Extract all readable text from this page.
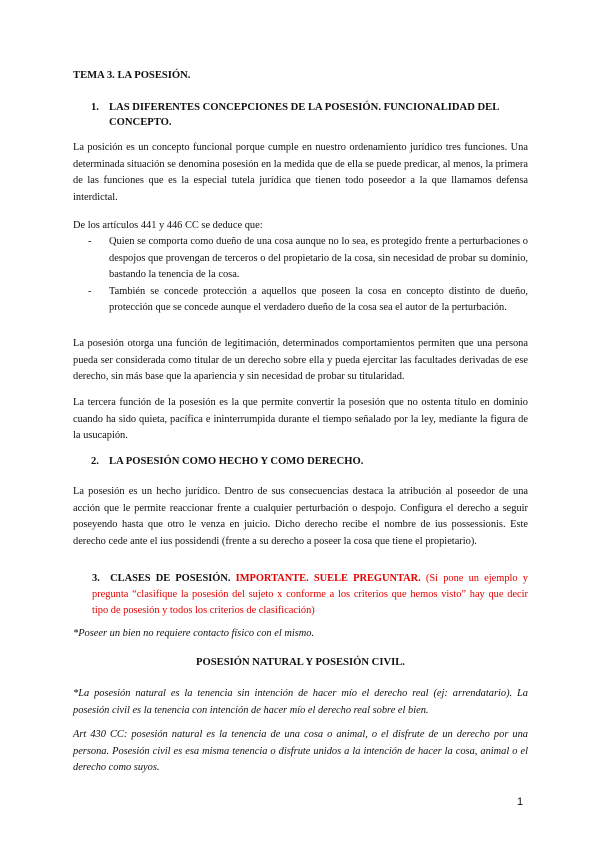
TEMA 3. LA POSESIÓN.
1. LAS DIFERENTES CONCEPCIONES DE LA POSESIÓN. FUNCIONALIDAD DEL CONCEPTO.

La posición es un concepto funcional porque cumple en nuestro ordenamiento jurídico tres funciones. Una determinada situación se denomina posesión en la medida que de ella se puede predicar, al menos, la primera de las funciones que es la especial tutela jurídica que tienen todo poseedor a la que llamamos defensa interdictal.

De los artículos 441 y 446 CC se deduce que:

- Quien se comporta como dueño de una cosa aunque no lo sea, es protegido frente a perturbaciones o despojos que provengan de terceros o del propietario de la cosa, sin necesidad de probar su dominio, bastando la tenencia de la cosa.
- También se concede protección a aquellos que poseen la cosa en concepto distinto de dueño, protección que se concede aunque el verdadero dueño de la cosa sea el autor de la perturbación.

La posesión otorga una función de legitimación, determinados comportamientos permiten que una persona pueda ser considerada como titular de un derecho sobre ella y pueda ejercitar las facultades derivadas de ese derecho, sin más base que la apariencia y sin necesidad de probar su titularidad.

La tercera función de la posesión es la que permite convertir la posesión que no ostenta título en dominio cuando ha sido quieta, pacífica e ininterrumpida durante el tiempo señalado por la ley, mediante la figura de la usucapión.

2. LA POSESIÓN COMO HECHO Y COMO DERECHO.

La posesión es un hecho jurídico. Dentro de sus consecuencias destaca la atribución al poseedor de una acción que le permite reaccionar frente a cualquier perturbación o despojo. Configura el derecho a seguir poseyendo hasta que otro le venza en juicio. Dicho derecho recibe el nombre de ius possessionis. Este derecho cede ante el ius possidendi (frente a su derecho a poseer la cosa que tiene el propietario).

3. CLASES DE POSESIÓN. IMPORTANTE. SUELE PREGUNTAR. (Si pone un ejemplo y pregunta “clasifique la posesión del sujeto x conforme a los criterios que hemos visto” hay que decir tipo de posesión y todos los criterios de clasificación)

*Poseer un bien no requiere contacto físico con el mismo.

POSESIÓN NATURAL Y POSESIÓN CIVIL.

*La posesión natural es la tenencia sin intención de hacer mío el derecho real (ej: arrendatario). La posesión civil es la tenencia con intención de hacer mío el derecho real sobre el bien.

Art 430 CC: posesión natural es la tenencia de una cosa o animal, o el disfrute de un derecho por una persona. Posesión civil es esa misma tenencia o disfrute unidos a la intención de hacer la cosa, animal o el derecho como suyos.

1
